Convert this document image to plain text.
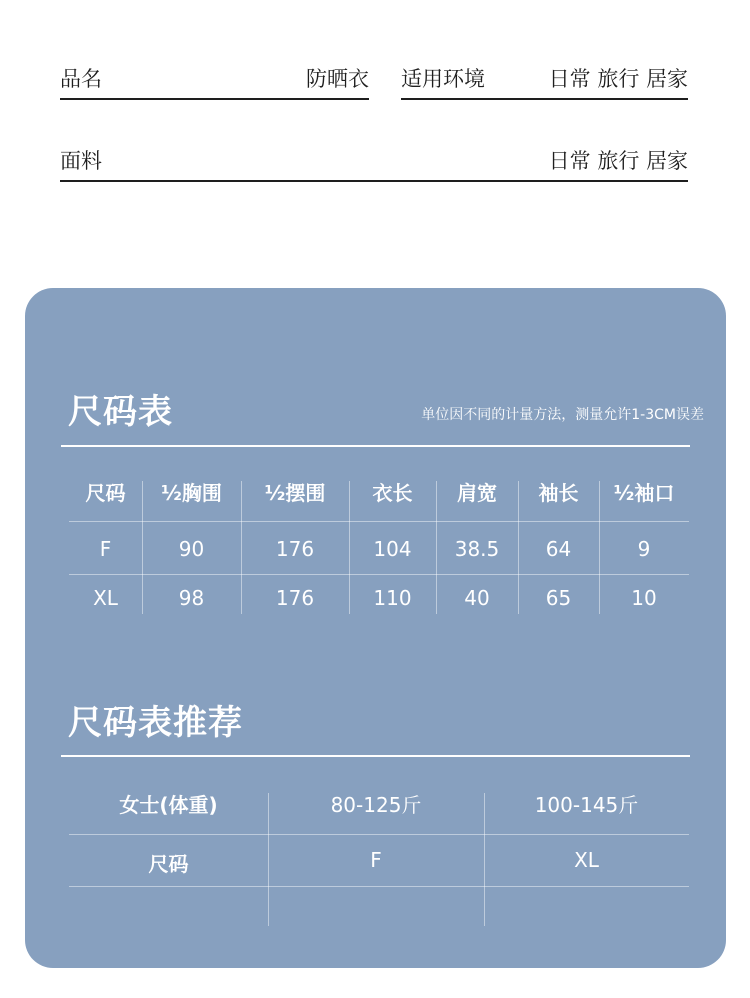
品名	防晒衣 适用环境	日常 旅行 居家
面料	日常 旅行 居家
尺码表	单位因不同的计量方法，测量允许1-3CM误差
尺码	½胸围	½摆围	衣长	肩宽	袖长	½袖口
F	90	176	104	38.5	64	9
XL	98	176	110	40	65	10
尺码表推荐
女士(体重)	80-125斤	100-145斤
尺码	F	XL
